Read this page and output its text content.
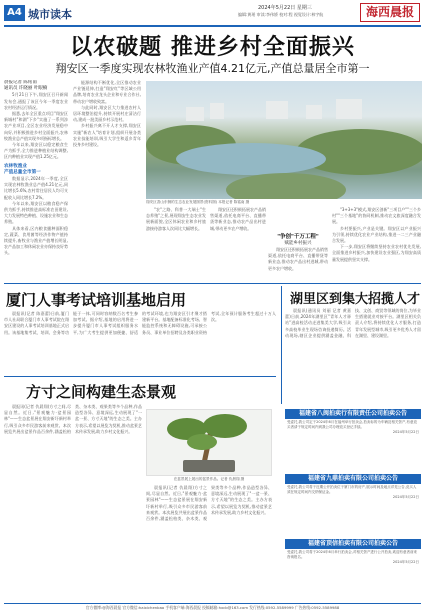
A4 城市读本	2024年5月22日 星期三
编辑:黄瑶 审读:李伟娇 校对:程 视觉设计:林宇航	海西晨报
以农破题 推进乡村全面振兴
翔安区一季度实现农林牧渔业产值4.21亿元,产值总量居全市第一

晨报记者 陈铭南
通讯员 许晓丽 叶眼楠

5月21日下午,翔安区召开新闻发布会,通报了该区今年一季度农业农村经济运行情况。

据悉,去年全区重点项目"翔安区新城村"和湖"下乡"实施了一系列涉农产业项目,全区农业经济发展稳中向好,并积极推进乡村全面振兴,农林牧渔业总产值实现多项指标增长。

今年以来,翔安区以稳定粮食生产为抓手,全力推进种植业结构调整,区内种植业实现产值1.25亿元。

农林牧渔业
产值总量全市第一

数据显示,2024年一季度,全区实现农林牧渔业总产值4.21亿元,同比增长5.6%,农村常住居民人均可支配收入同比增长7.2%。

今年以来,翔安区以粮食稳产保供为抓手,持续推进高标准农田建设,大力发展特色种植、设施农业和生态养殖。

具体来看,区内粮食播种面积稳定,蔬菜、食用菌等经济作物产值持续提升,畜牧业与渔业产值增长明显,农产品加工和休闲农业亦保持良好势头。

能源结构不断优化,全区推动农业产业链延伸,打造"翔安红"等区域公用品牌,培育农业龙头企业和专业合作社,带动农户增收致富。

与此同时,翔安区大力推进农村人居环境整治提升,持续开展村庄清洁行动,建成一批美丽乡村示范村。

乡村振兴离不开人才支撑,翔安区实施"新农人"培育计划,组织开展各类农业技能培训,吸引大学生和返乡青年投身乡村建设。

翔安区香山东侧的生态农业发展图景(资料图) 本报记者 陈铭南 摄

"农"之路、科普一大瑞士"生态养殖"之景,展现翔安生态农业发展新面貌,全区休闲农业和乡村旅游接待游客人次同比大幅增长。

翔安区还积极拓展农产品销售渠道,依托电商平台、直播带货等新业态,推动农产品出村进城,带动更多农户增收。

"争创"千万工程"
赋能乡村振兴

翔安区还积极拓展农产品销售渠道,依托电商平台、直播带货等新业态,推动农产品出村进城,带动更多农户增收。

"3+3+3"模式,翔安区创新"三项目户""三个乡村""三个基地"的协同机制,推动农文旅深度融合发展。

乡村要振兴,产业是关键。翔安区以产业振兴为引领,持续优化农业产业结构,推进一二三产业融合发展。

下一步,翔安区将继续坚持农业农村优先发展,全面推进乡村振兴,加快建设农业强区,为翔安高质量发展提供坚实支撑。

厦门人事考试培训基地启用

晨报讯(记者 陈嘉蕾)日前,厦门市人社局联合厦门市人事考试院在翔安区建设的人事考试培训基地正式启用。该基地集考试、培训、会务等功能于一体,可同时容纳数百名考生参加考试。据介绍,基地的启用将进一步提升厦门市人事考试组织服务水平,为广大考生提供更加便捷、舒适的考试环境,也为翔安区引才聚才搭建新平台。基地配备标准化考场、智能监控系统和无障碍设施,可承接公务员、事业单位招聘及各类职业资格考试,全年预计服务考生超过十万人次。

湖里区到集大招揽人才

晨报讯(通讯员 刘丽 记者 黄嘉蕾)日前,2024年湖里区"青年人才驿站"进高校活动走进集美大学,吸引众多高校毕业生现场咨询投递简历。活动现场,辖区企业提供涵盖金融、科技、文创、商贸等领域的岗位,为毕业生搭建就业对接平台。湖里区相关负责人介绍,将持续优化人才服务,打造青年发展型城市,吸引更多优秀人才留在湖里、建设湖里。

方寸之间构建生态景观

晨报讯(记者 仇晨翔)方寸之间,尽显自然。近日,"景观魅力·盆景园林"——生态盆景展在翔安新圩新村举行,吸引众多市民游客前来观赏。本次展览共展出盆景作品百余件,涵盖松柏类、杂木类、观果类等多个品种,作品造型各异、意境深远,生动展现了"一盆一景、方寸天地"的生态之美。主办方表示,希望以展览为契机,推动盆景艺术传承发展,助力乡村文化振兴。

在盆景展上展出的盆景作品。记者 仇晨翔 摄

晨报讯(记者 仇晨翔)方寸之间,尽显自然。近日,"景观魅力·盆景园林"——生态盆景展在翔安新圩新村举行,吸引众多市民游客前来观赏。本次展览共展出盆景作品百余件,涵盖松柏类、杂木类、观果类等多个品种,作品造型各异、意境深远,生动展现了"一盆一景、方寸天地"的生态之美。主办方表示,希望以展览为契机,推动盆景艺术传承发展,助力乡村文化振兴。

福建省八闽拍卖行有限责任公司拍卖公告

受委托,我公司定于2024年6月在福州举行拍卖会,拍卖标的为车辆及相关资产,有意竞买者请于规定时间内到我公司办理竞买登记手续。

2024年5月22日

福建省九鼎拍卖有限公司拍卖公告

受委托,我公司将于近期公开拍卖位于厦门市的房产,展示时间及地点详见公告,竞买人须在规定时间内交纳保证金。

2024年5月22日

福建省顶信拍卖有限公司拍卖公告

受委托,我公司将于2024年6月举行拍卖会,对相关资产进行公开拍卖,欢迎有意者前来咨询报名。

2024年5月22日

官方微博:@海西晨报 官方微信:haixichenbao 手机客户端:海西晨报 投稿邮箱:hxcb@163.com 发行热线:0592-5589999 广告热线:0592-5589988
